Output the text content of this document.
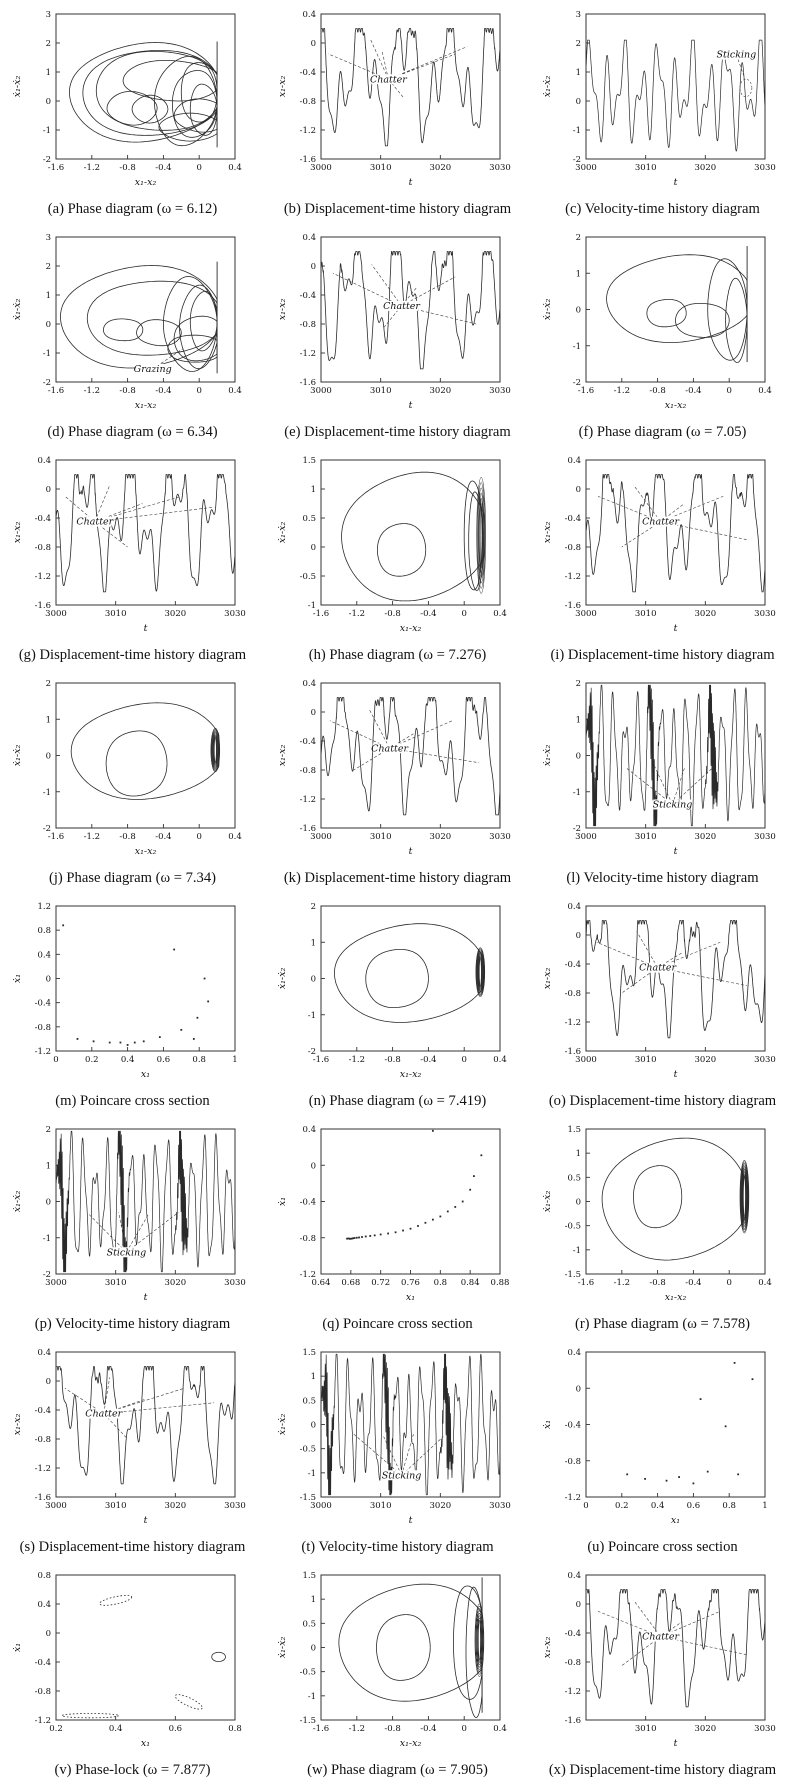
-1.6 -1.2 -0.8 -0.4	0	0.4
-2
-1
0
1
2
3
x₁-x₂
ẋ₁-ẋ₂
(a) Phase diagram (ω = 6.12)
Chatter
3000	3010	3020	3030
-1.6
-1.2
-0.8
-0.4
0
0.4
t
x₁-x₂
(b) Displacement-time history diagram
Sticking
3000	3010	3020	3030
-2
-1
0
1
2
3
t
ẋ₁-ẋ₂
(c) Velocity-time history diagram
Grazing
-1.6 -1.2 -0.8 -0.4	0	0.4
-2
-1
0
1
2
3
x₁-x₂
ẋ₁-ẋ₂
(d) Phase diagram (ω = 6.34)
Chatter
3000	3010	3020	3030
-1.6
-1.2
-0.8
-0.4
0
0.4
t
x₁-x₂
(e) Displacement-time history diagram
-1.6 -1.2 -0.8 -0.4	0	0.4
-2
-1
0
1
2
x₁-x₂
ẋ₁-ẋ₂
(f) Phase diagram (ω = 7.05)
Chatter
3000	3010	3020	3030
-1.6
-1.2
-0.8
-0.4
0
0.4
t
x₁-x₂
(g) Displacement-time history diagram
-1.6 -1.2 -0.8 -0.4	0	0.4
-1
-0.5
0
0.5
1
1.5
x₁-x₂
ẋ₁-ẋ₂
(h) Phase diagram (ω = 7.276)
Chatter
3000	3010	3020	3030
-1.6
-1.2
-0.8
-0.4
0
0.4
t
x₁-x₂
(i) Displacement-time history diagram
-1.6 -1.2 -0.8 -0.4	0	0.4
-2
-1
0
1
2
x₁-x₂
ẋ₁-ẋ₂
(j) Phase diagram (ω = 7.34)
Chatter
3000	3010	3020	3030
-1.6
-1.2
-0.8
-0.4
0
0.4
t
x₁-x₂
(k) Displacement-time history diagram
Sticking
3000	3010	3020	3030
-2
-1
0
1
2
t
ẋ₁-ẋ₂
(l) Velocity-time history diagram
0	0.2	0.4	0.6	0.8	1
-1.2
-0.8
-0.4
0
0.4
0.8
1.2
x₁
ẋ₁
(m) Poincare cross section
-1.6 -1.2 -0.8 -0.4	0	0.4
-2
-1
0
1
2
x₁-x₂
ẋ₁-ẋ₂
(n) Phase diagram (ω = 7.419)
Chatter
3000	3010	3020	3030
-1.6
-1.2
-0.8
-0.4
0
0.4
t
x₁-x₂
(o) Displacement-time history diagram
Sticking
3000	3010	3020	3030
-2
-1
0
1
2
t
ẋ₁-ẋ₂
(p) Velocity-time history diagram
0.64 0.68 0.72 0.76 0.8 0.84 0.88
-1.2
-0.8
-0.4
0
0.4
x₁
ẋ₁
(q) Poincare cross section
-1.6 -1.2 -0.8 -0.4	0	0.4
-1.5
-1
-0.5
0
0.5
1
1.5
x₁-x₂
ẋ₁-ẋ₂
(r) Phase diagram (ω = 7.578)
Chatter
3000	3010	3020	3030
-1.6
-1.2
-0.8
-0.4
0
0.4
t
x₁-x₂
(s) Displacement-time history diagram
Sticking
3000	3010	3020	3030
-1.5
-1
-0.5
0
0.5
1
1.5
t
ẋ₁-ẋ₂
(t) Velocity-time history diagram
0	0.2	0.4	0.6	0.8	1
-1.2
-0.8
-0.4
0
0.4
x₁
ẋ₁
(u) Poincare cross section
0.2	0.4	0.6	0.8
-1.2
-0.8
-0.4
0
0.4
0.8
x₁
ẋ₁
(v) Phase-lock (ω = 7.877)
-1.6 -1.2 -0.8 -0.4	0	0.4
-1.5
-1
-0.5
0
0.5
1
1.5
x₁-x₂
ẋ₁-ẋ₂
(w) Phase diagram (ω = 7.905)
Chatter
3010	3020	3030
-1.6
-1.2
-0.8
-0.4
0
0.4
t
x₁-x₂
(x) Displacement-time history diagram
